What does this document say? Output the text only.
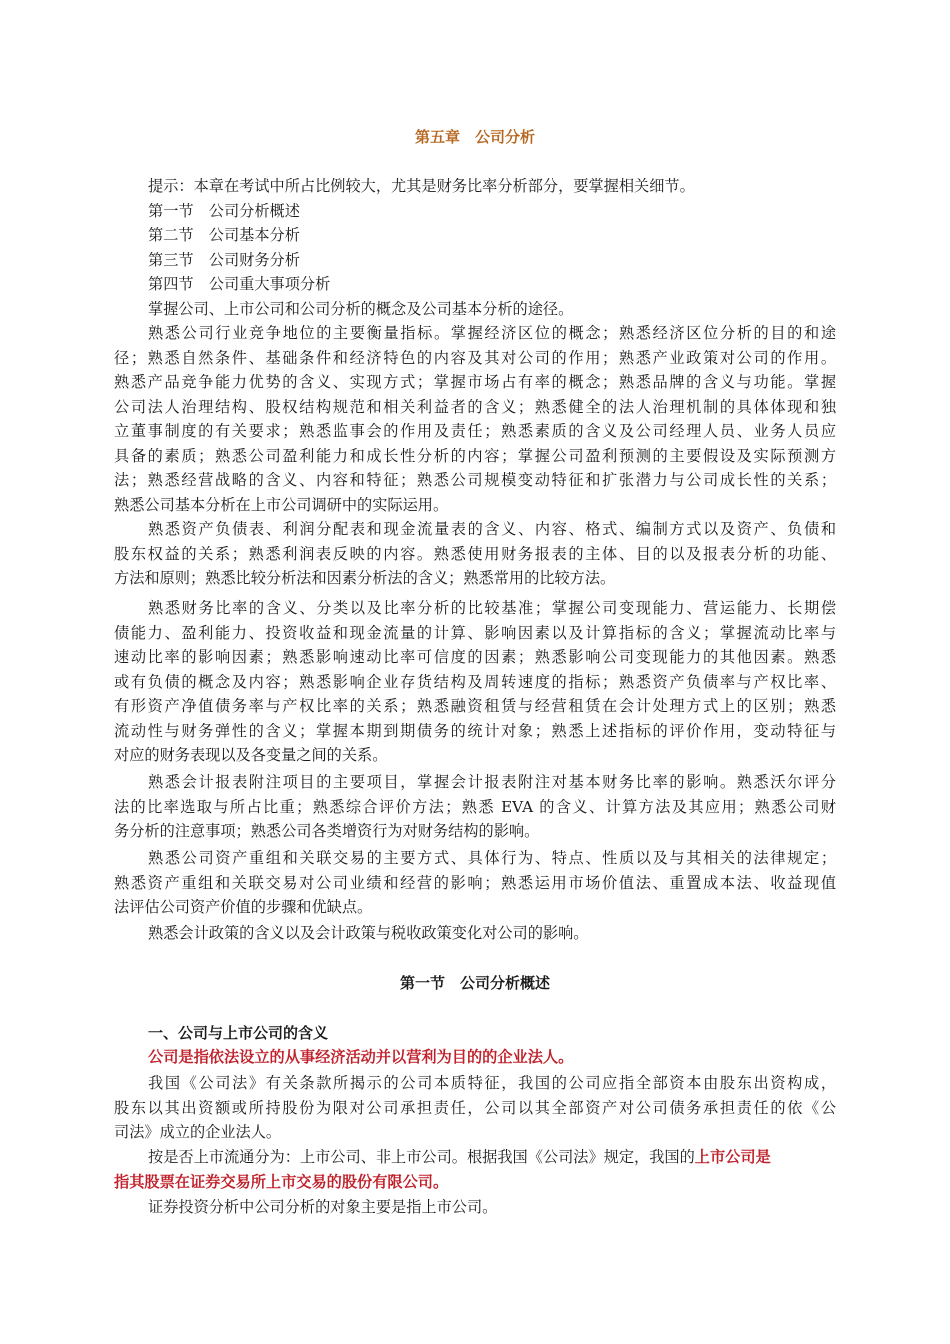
第五章　公司分析
提示：本章在考试中所占比例较大，尤其是财务比率分析部分，要掌握相关细节。
第一节　公司分析概述
第二节　公司基本分析
第三节　公司财务分析
第四节　公司重大事项分析
掌握公司、上市公司和公司分析的概念及公司基本分析的途径。
熟悉公司行业竞争地位的主要衡量指标。掌握经济区位的概念；熟悉经济区位分析的目的和途
径；熟悉自然条件、基础条件和经济特色的内容及其对公司的作用；熟悉产业政策对公司的作用。
熟悉产品竞争能力优势的含义、实现方式；掌握市场占有率的概念；熟悉品牌的含义与功能。掌握
公司法人治理结构、股权结构规范和相关利益者的含义；熟悉健全的法人治理机制的具体体现和独
立董事制度的有关要求；熟悉监事会的作用及责任；熟悉素质的含义及公司经理人员、业务人员应
具备的素质；熟悉公司盈利能力和成长性分析的内容；掌握公司盈利预测的主要假设及实际预测方
法；熟悉经营战略的含义、内容和特征；熟悉公司规模变动特征和扩张潜力与公司成长性的关系；
熟悉公司基本分析在上市公司调研中的实际运用。
熟悉资产负债表、利润分配表和现金流量表的含义、内容、格式、编制方式以及资产、负债和
股东权益的关系；熟悉利润表反映的内容。熟悉使用财务报表的主体、目的以及报表分析的功能、
方法和原则；熟悉比较分析法和因素分析法的含义；熟悉常用的比较方法。
熟悉财务比率的含义、分类以及比率分析的比较基准；掌握公司变现能力、营运能力、长期偿
债能力、盈利能力、投资收益和现金流量的计算、影响因素以及计算指标的含义；掌握流动比率与
速动比率的影响因素；熟悉影响速动比率可信度的因素；熟悉影响公司变现能力的其他因素。熟悉
或有负债的概念及内容；熟悉影响企业存货结构及周转速度的指标；熟悉资产负债率与产权比率、
有形资产净值债务率与产权比率的关系；熟悉融资租赁与经营租赁在会计处理方式上的区别；熟悉
流动性与财务弹性的含义；掌握本期到期债务的统计对象；熟悉上述指标的评价作用，变动特征与
对应的财务表现以及各变量之间的关系。
熟悉会计报表附注项目的主要项目，掌握会计报表附注对基本财务比率的影响。熟悉沃尔评分
法的比率选取与所占比重；熟悉综合评价方法；熟悉 EVA 的含义、计算方法及其应用；熟悉公司财
务分析的注意事项；熟悉公司各类增资行为对财务结构的影响。
熟悉公司资产重组和关联交易的主要方式、具体行为、特点、性质以及与其相关的法律规定；
熟悉资产重组和关联交易对公司业绩和经营的影响；熟悉运用市场价值法、重置成本法、收益现值
法评估公司资产价值的步骤和优缺点。
熟悉会计政策的含义以及会计政策与税收政策变化对公司的影响。
第一节　公司分析概述
一、公司与上市公司的含义
公司是指依法设立的从事经济活动并以营利为目的的企业法人。
我国《公司法》有关条款所揭示的公司本质特征，我国的公司应指全部资本由股东出资构成，
股东以其出资额或所持股份为限对公司承担责任，公司以其全部资产对公司债务承担责任的依《公
司法》成立的企业法人。
按是否上市流通分为：上市公司、非上市公司。根据我国《公司法》规定，我国的上市公司是
指其股票在证券交易所上市交易的股份有限公司。
证券投资分析中公司分析的对象主要是指上市公司。
